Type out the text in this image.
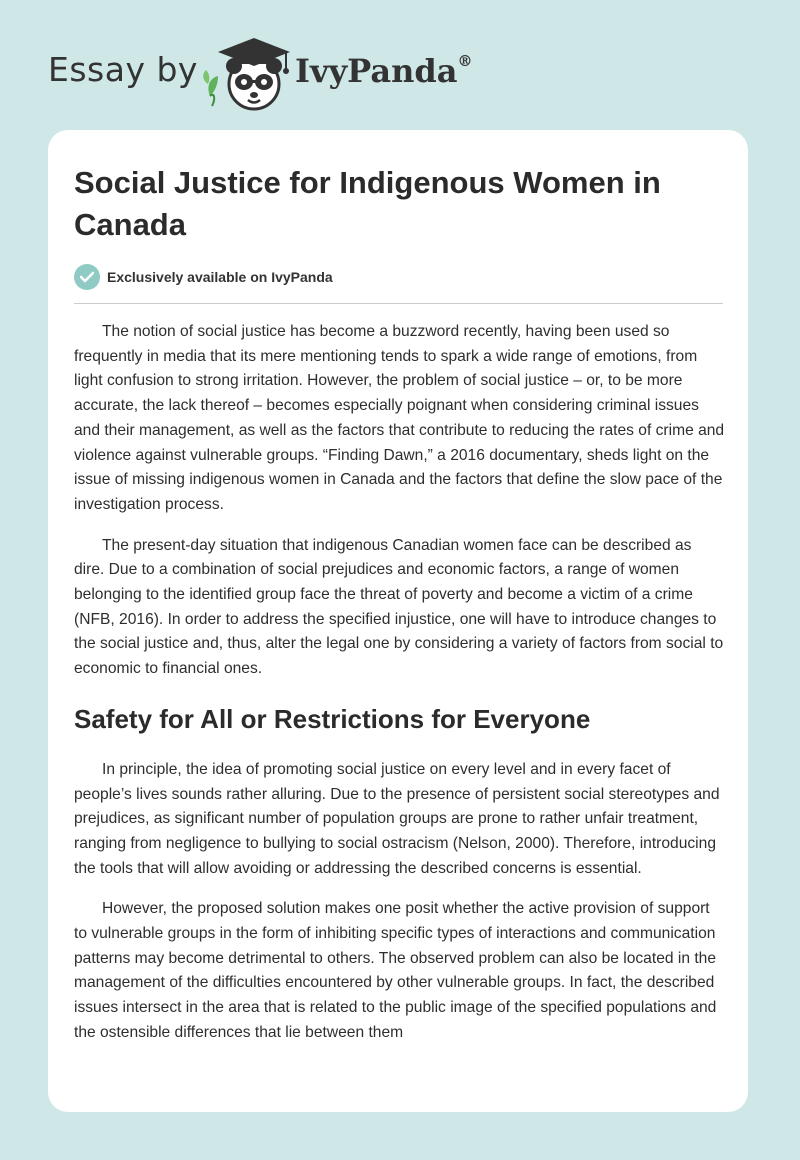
Essay by	IvyPanda®
Social Justice for Indigenous Women in Canada
Exclusively available on IvyPanda

The notion of social justice has become a buzzword recently, having been used so frequently in media that its mere mentioning tends to spark a wide range of emotions, from light confusion to strong irritation. However, the problem of social justice – or, to be more accurate, the lack thereof – becomes especially poignant when considering criminal issues and their management, as well as the factors that contribute to reducing the rates of crime and violence against vulnerable groups. “Finding Dawn,” a 2016 documentary, sheds light on the issue of missing indigenous women in Canada and the factors that define the slow pace of the investigation process.

The present-day situation that indigenous Canadian women face can be described as dire. Due to a combination of social prejudices and economic factors, a range of women belonging to the identified group face the threat of poverty and become a victim of a crime (NFB, 2016). In order to address the specified injustice, one will have to introduce changes to the social justice and, thus, alter the legal one by considering a variety of factors from social to economic to financial ones.

Safety for All or Restrictions for Everyone

In principle, the idea of promoting social justice on every level and in every facet of people’s lives sounds rather alluring. Due to the presence of persistent social stereotypes and prejudices, as significant number of population groups are prone to rather unfair treatment, ranging from negligence to bullying to social ostracism (Nelson, 2000). Therefore, introducing the tools that will allow avoiding or addressing the described concerns is essential.

However, the proposed solution makes one posit whether the active provision of support to vulnerable groups in the form of inhibiting specific types of interactions and communication patterns may become detrimental to others. The observed problem can also be located in the management of the difficulties encountered by other vulnerable groups. In fact, the described issues intersect in the area that is related to the public image of the specified populations and the ostensible differences that lie between them
